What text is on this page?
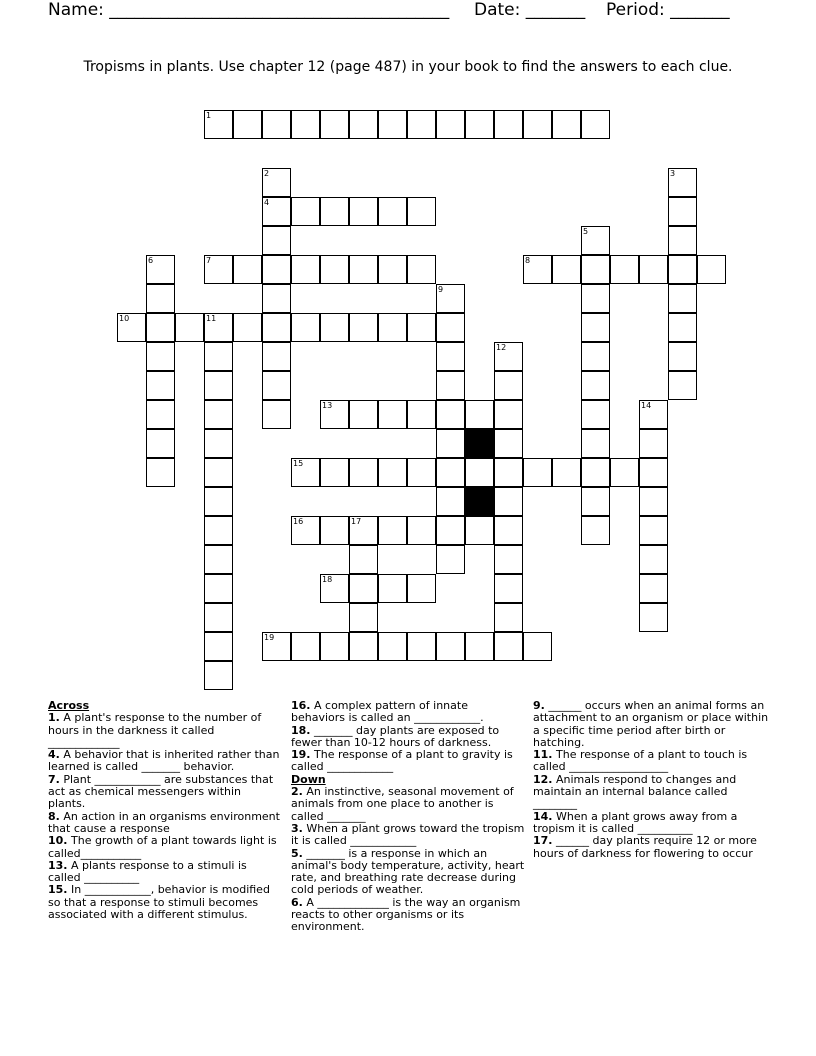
Name: ________________________________________ Date: _______ Period: _______
Tropisms in plants. Use chapter 12 (page 487) in your book to find the answers to each clue.
1
2
4
3
5
6	7	8
9
10	11
12
13	14
15
16	17
18
19
Across
1. A plant's response to the number of hours in the darkness it called _____________
4. A behavior that is inherited rather than learned is called _______ behavior.
7. Plant ____________ are substances that act as chemical messengers within plants.
8. An action in an organisms environment that cause a response
10. The growth of a plant towards light is called___________
13. A plants response to a stimuli is called __________
15. In ____________, behavior is modified so that a response to stimuli becomes associated with a different stimulus.
16. A complex pattern of innate behaviors is called an ____________.
18. _______ day plants are exposed to fewer than 10-12 hours of darkness.
19. The response of a plant to gravity is called ____________
Down
2. An instinctive, seasonal movement of animals from one place to another is called _______
3. When a plant grows toward the tropism it is called ____________
5. _______ is a response in which an animal's body temperature, activity, heart rate, and breathing rate decrease during cold periods of weather.
6. A _____________ is the way an organism reacts to other organisms or its environment.
9. ______ occurs when an animal forms an attachment to an organism or place within a specific time period after birth or hatching.
11. The response of a plant to touch is called __________________
12. Animals respond to changes and maintain an internal balance called ________
14. When a plant grows away from a tropism it is called __________
17. ______ day plants require 12 or more hours of darkness for flowering to occur
